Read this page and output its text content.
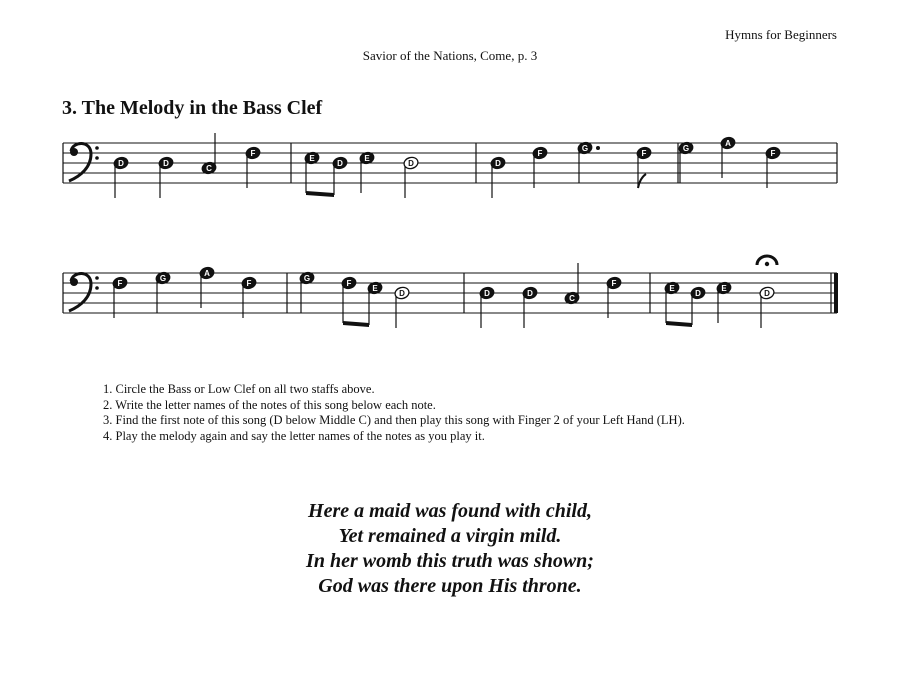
Hymns for Beginners
Savior of the Nations, Come, p. 3
3. The Melody in the Bass Clef
D	D
C
F
E
D
E
D	D
F
G
F
G
A
F
F
G
A
F
G
F
E
D	D	D
C
F
E
D
E
D
1. Circle the Bass or Low Clef on all two staffs above.
2. Write the letter names of the notes of this song below each note.
3. Find the first note of this song (D below Middle C) and then play this song with Finger 2 of your Left Hand (LH).
4. Play the melody again and say the letter names of the notes as you play it.
Here a maid was found with child,
Yet remained a virgin mild.
In her womb this truth was shown;
God was there upon His throne.
